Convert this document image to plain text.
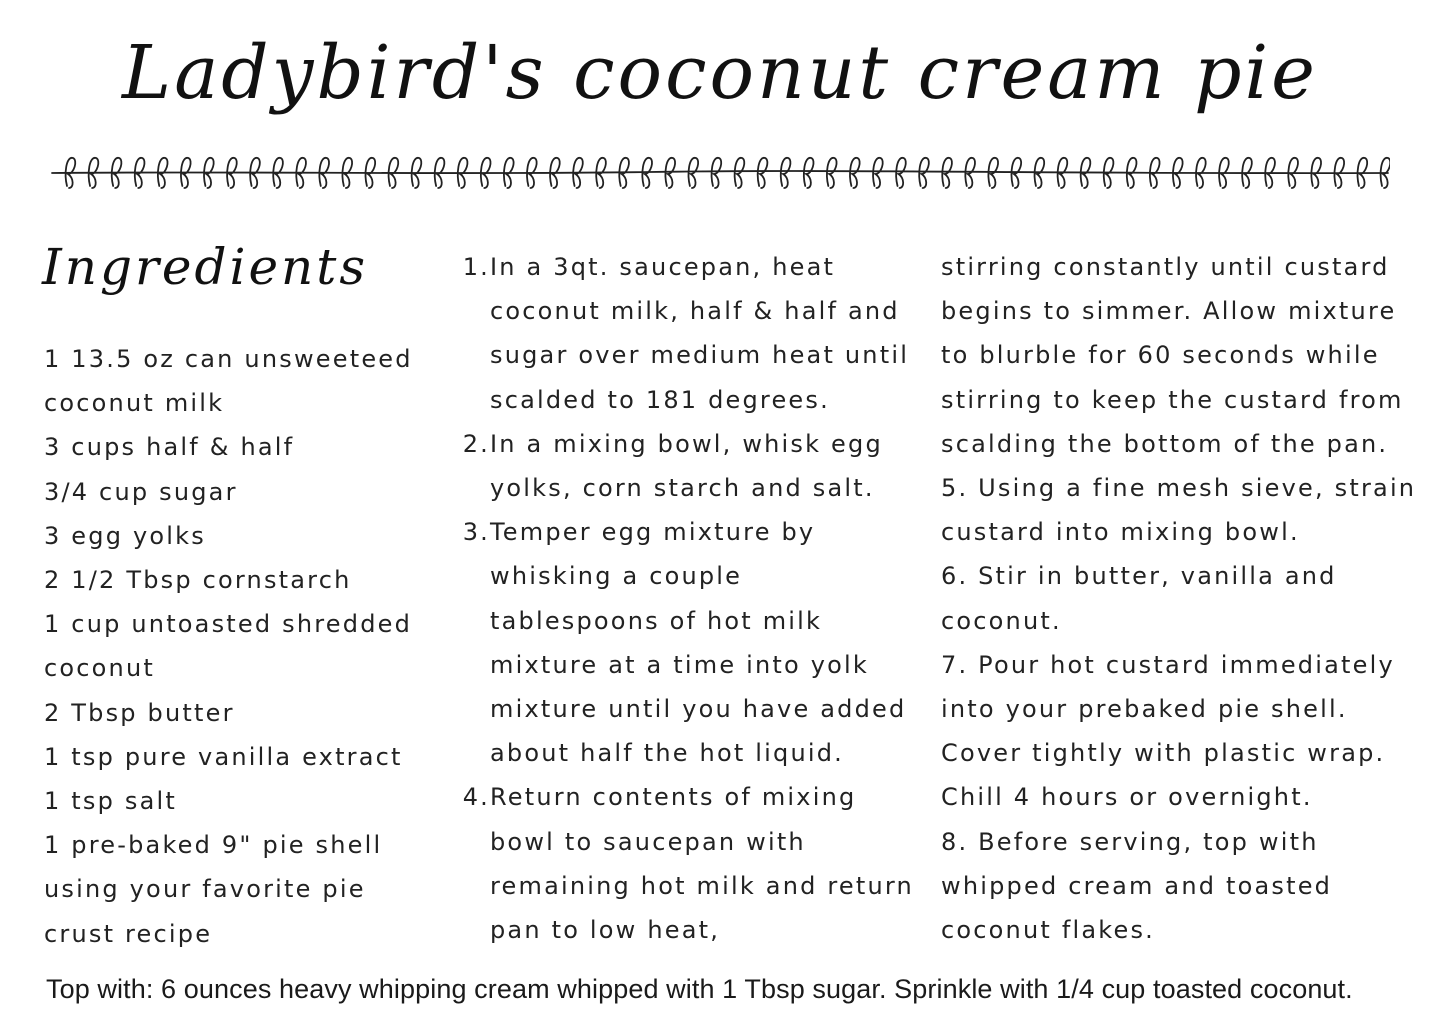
Ladybird's coconut cream pie
Ingredients
1 13.5 oz can unsweeteed
coconut milk
3 cups half & half
3/4 cup sugar
3 egg yolks
2 1/2 Tbsp cornstarch
1 cup untoasted shredded
coconut
2 Tbsp butter
1 tsp pure vanilla extract
1 tsp salt
1 pre-baked 9" pie shell
using your favorite pie
crust recipe
1. In a 3qt. saucepan, heat
coconut milk, half & half and
sugar over medium heat until
scalded to 181 degrees.
2. In a mixing bowl, whisk egg
yolks, corn starch and salt.
3. Temper egg mixture by
whisking a couple
tablespoons of hot milk
mixture at a time into yolk
mixture until you have added
about half the hot liquid.
4. Return contents of mixing
bowl to saucepan with
remaining hot milk and return
pan to low heat,
stirring constantly until custard
begins to simmer. Allow mixture
to blurble for 60 seconds while
stirring to keep the custard from
scalding the bottom of the pan.
5. Using a fine mesh sieve, strain
custard into mixing bowl.
6. Stir in butter, vanilla and
coconut.
7. Pour hot custard immediately
into your prebaked pie shell.
Cover tightly with plastic wrap.
Chill 4 hours or overnight.
8. Before serving, top with
whipped cream and toasted
coconut flakes.
Top with: 6 ounces heavy whipping cream whipped with 1 Tbsp sugar. Sprinkle with 1/4 cup toasted coconut.
